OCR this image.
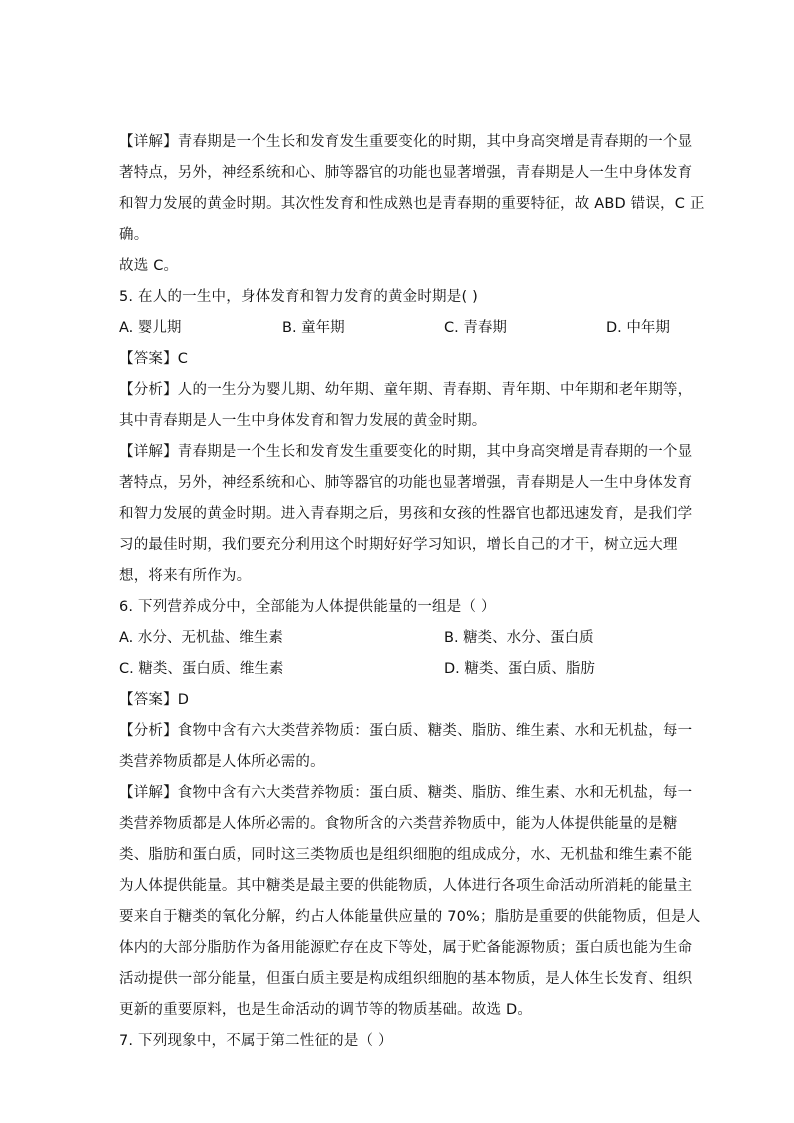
【详解】青春期是一个生长和发育发生重要变化的时期，其中身高突增是青春期的一个显
著特点，另外，神经系统和心、肺等器官的功能也显著增强，青春期是人一生中身体发育
和智力发展的黄金时期。其次性发育和性成熟也是青春期的重要特征，故 ABD 错误，C 正
确。
故选 C。
5. 在人的一生中，身体发育和智力发育的黄金时期是( )
A. 婴儿期	B. 童年期	C. 青春期	D. 中年期
【答案】C
【分析】人的一生分为婴儿期、幼年期、童年期、青春期、青年期、中年期和老年期等，
其中青春期是人一生中身体发育和智力发展的黄金时期。
【详解】青春期是一个生长和发育发生重要变化的时期，其中身高突增是青春期的一个显
著特点，另外，神经系统和心、肺等器官的功能也显著增强，青春期是人一生中身体发育
和智力发展的黄金时期。进入青春期之后，男孩和女孩的性器官也都迅速发育，是我们学
习的最佳时期，我们要充分利用这个时期好好学习知识，增长自己的才干，树立远大理
想，将来有所作为。
6. 下列营养成分中，全部能为人体提供能量的一组是（ ）
A. 水分、无机盐、维生素	B. 糖类、水分、蛋白质
C. 糖类、蛋白质、维生素	D. 糖类、蛋白质、脂肪
【答案】D
【分析】食物中含有六大类营养物质：蛋白质、糖类、脂肪、维生素、水和无机盐，每一
类营养物质都是人体所必需的。
【详解】食物中含有六大类营养物质：蛋白质、糖类、脂肪、维生素、水和无机盐，每一
类营养物质都是人体所必需的。食物所含的六类营养物质中，能为人体提供能量的是糖
类、脂肪和蛋白质，同时这三类物质也是组织细胞的组成成分，水、无机盐和维生素不能
为人体提供能量。其中糖类是最主要的供能物质，人体进行各项生命活动所消耗的能量主
要来自于糖类的氧化分解，约占人体能量供应量的 70%；脂肪是重要的供能物质，但是人
体内的大部分脂肪作为备用能源贮存在皮下等处，属于贮备能源物质；蛋白质也能为生命
活动提供一部分能量，但蛋白质主要是构成组织细胞的基本物质，是人体生长发育、组织
更新的重要原料，也是生命活动的调节等的物质基础。故选 D。
7. 下列现象中，不属于第二性征的是（ ）
